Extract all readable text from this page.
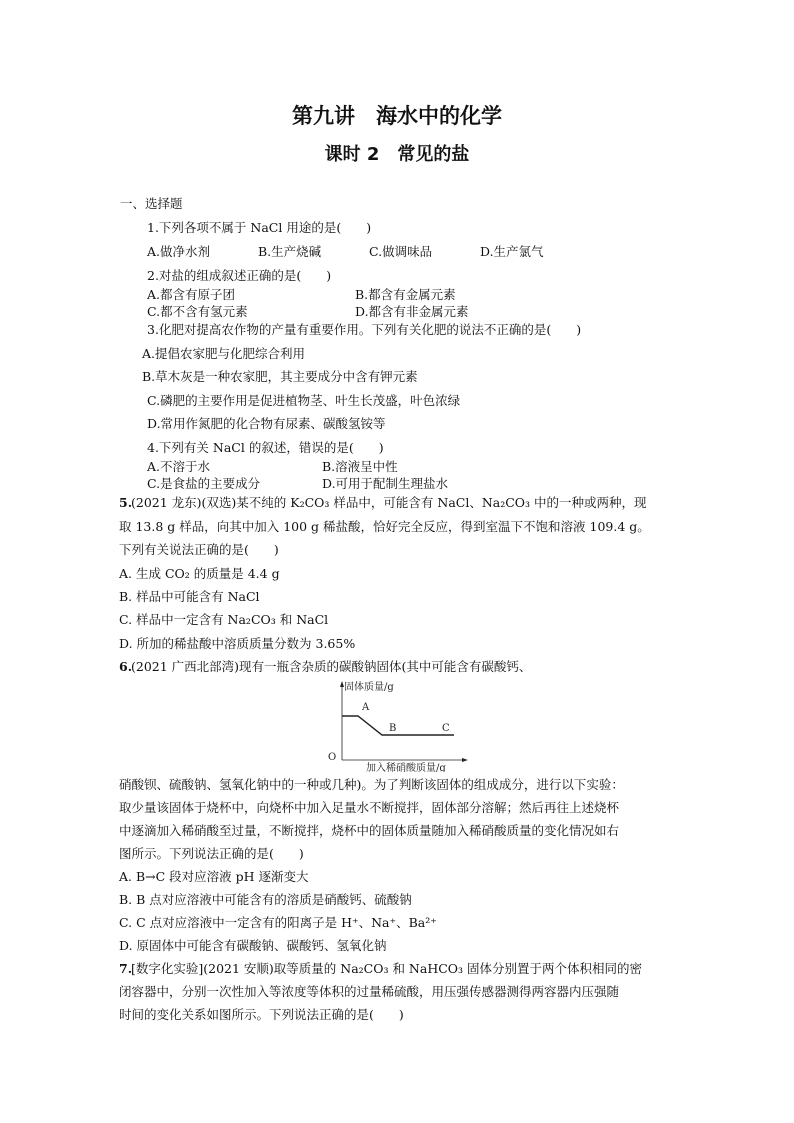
第九讲　海水中的化学
课时 2　常见的盐
一、选择题
1.下列各项不属于 NaCl 用途的是(　　)
A.做净水剂	B.生产烧碱	C.做调味品	D.生产氯气
2.对盐的组成叙述正确的是(　　)
A.都含有原子团	B.都含有金属元素
C.都不含有氢元素	D.都含有非金属元素
3.化肥对提高农作物的产量有重要作用。下列有关化肥的说法不正确的是(　　)
A.提倡农家肥与化肥综合利用
B.草木灰是一种农家肥，其主要成分中含有钾元素
C.磷肥的主要作用是促进植物茎、叶生长茂盛，叶色浓绿
D.常用作氮肥的化合物有尿素、碳酸氢铵等
4.下列有关 NaCl 的叙述，错误的是(　　)
A.不溶于水	B.溶液呈中性
C.是食盐的主要成分	D.可用于配制生理盐水
5.
(2021 龙东)(双选)某不纯的 K₂CO₃ 样品中，可能含有 NaCl、Na₂CO₃ 中的一种或两种，现
取 13.8 g 样品，向其中加入 100 g 稀盐酸，恰好完全反应，得到室温下不饱和溶液 109.4 g。
下列有关说法正确的是(　　)
A. 生成 CO₂ 的质量是 4.4 g
B. 样品中可能含有 NaCl
C. 样品中一定含有 Na₂CO₃ 和 NaCl
D. 所加的稀盐酸中溶质质量分数为 3.65%
6.
(2021 广西北部湾)现有一瓶含杂质的碳酸钠固体(其中可能含有碳酸钙、
固体质量/g
O
A
B	C
加入稀硝酸质量/g
硝酸钡、硫酸钠、氢氧化钠中的一种或几种)。为了判断该固体的组成成分，进行以下实验：
取少量该固体于烧杯中，向烧杯中加入足量水不断搅拌，固体部分溶解；然后再往上述烧杯
中逐滴加入稀硝酸至过量，不断搅拌，烧杯中的固体质量随加入稀硝酸质量的变化情况如右
图所示。下列说法正确的是(　　)
A. B→C 段对应溶液 pH 逐渐变大
B. B 点对应溶液中可能含有的溶质是硝酸钙、硫酸钠
C. C 点对应溶液中一定含有的阳离子是 H⁺、Na⁺、Ba²⁺
D. 原固体中可能含有碳酸钠、碳酸钙、氢氧化钠
7.
[数字化实验](2021 安顺)取等质量的 Na₂CO₃ 和 NaHCO₃ 固体分别置于两个体积相同的密
闭容器中，分别一次性加入等浓度等体积的过量稀硫酸，用压强传感器测得两容器内压强随
时间的变化关系如图所示。下列说法正确的是(　　)
